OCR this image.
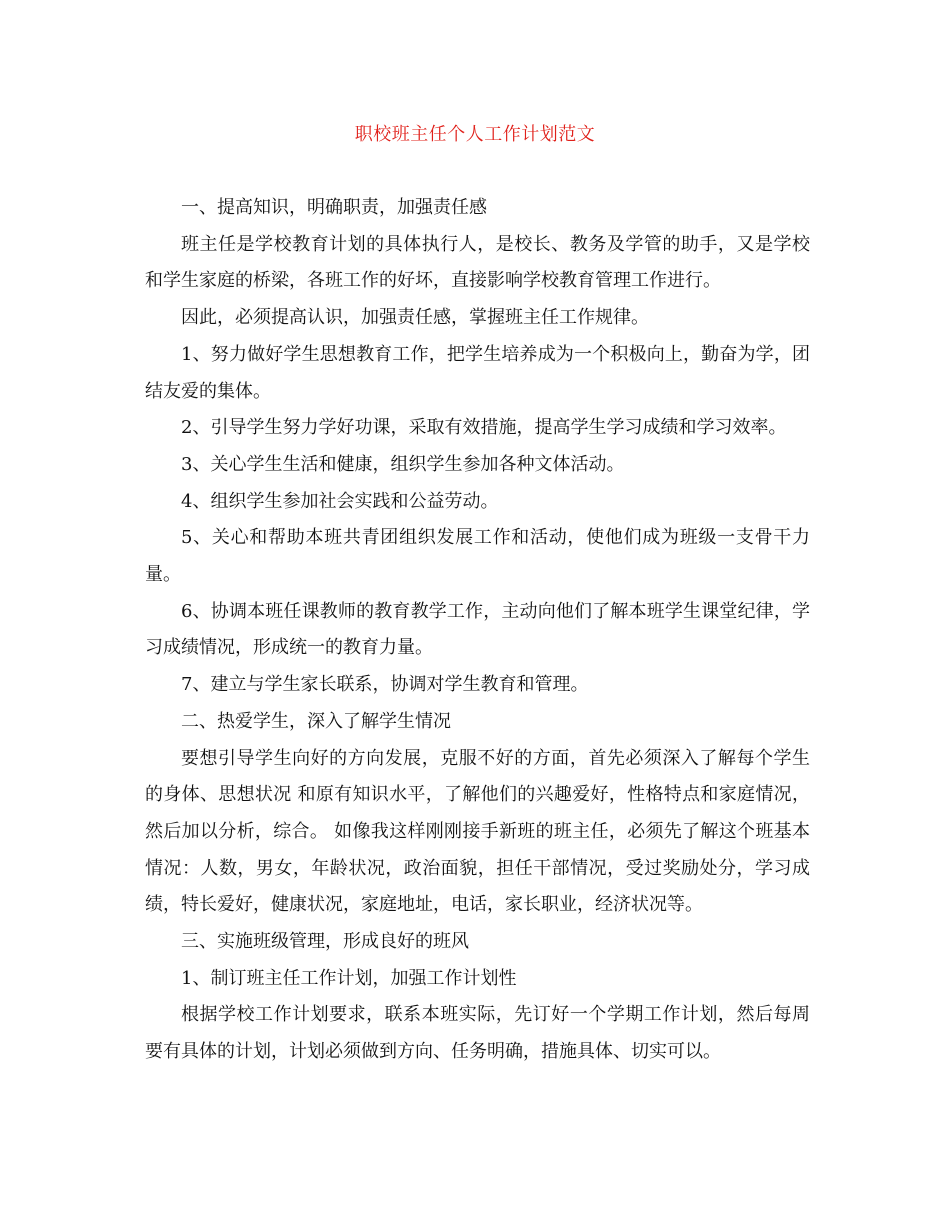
职校班主任个人工作计划范文

一、提高知识，明确职责，加强责任感

班主任是学校教育计划的具体执行人，是校长、教务及学管的助手，又是学校和学生家庭的桥梁，各班工作的好坏，直接影响学校教育管理工作进行。

因此，必须提高认识，加强责任感，掌握班主任工作规律。

1、努力做好学生思想教育工作，把学生培养成为一个积极向上，勤奋为学，团结友爱的集体。

2、引导学生努力学好功课，采取有效措施，提高学生学习成绩和学习效率。

3、关心学生生活和健康，组织学生参加各种文体活动。

4、组织学生参加社会实践和公益劳动。

5、关心和帮助本班共青团组织发展工作和活动，使他们成为班级一支骨干力量。

6、协调本班任课教师的教育教学工作，主动向他们了解本班学生课堂纪律，学习成绩情况，形成统一的教育力量。

7、建立与学生家长联系，协调对学生教育和管理。

二、热爱学生，深入了解学生情况

要想引导学生向好的方向发展，克服不好的方面，首先必须深入了解每个学生的身体、思想状况 和原有知识水平，了解他们的兴趣爱好，性格特点和家庭情况，然后加以分析，综合。 如像我这样刚刚接手新班的班主任，必须先了解这个班基本情况：人数，男女，年龄状况，政治面貌，担任干部情况，受过奖励处分，学习成绩，特长爱好，健康状况，家庭地址，电话，家长职业，经济状况等。

三、实施班级管理，形成良好的班风

1、制订班主任工作计划，加强工作计划性

根据学校工作计划要求，联系本班实际，先订好一个学期工作计划，然后每周要有具体的计划，计划必须做到方向、任务明确，措施具体、切实可以。
